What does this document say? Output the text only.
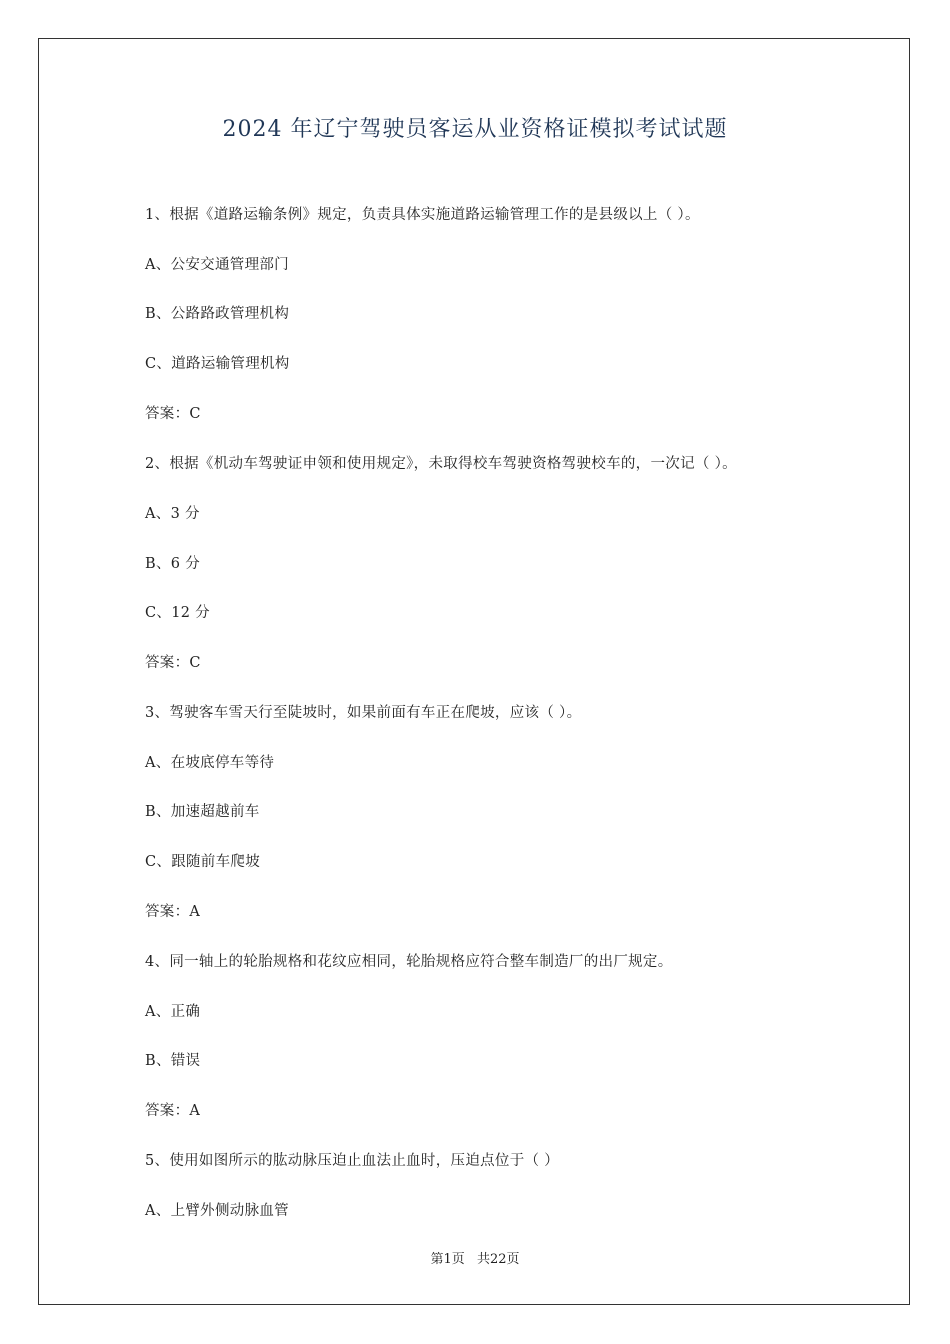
2024 年辽宁驾驶员客运从业资格证模拟考试试题
1、根据《道路运输条例》规定，负责具体实施道路运输管理工作的是县级以上（ ）。
A、公安交通管理部门
B、公路路政管理机构
C、道路运输管理机构
答案：C
2、根据《机动车驾驶证申领和使用规定》，未取得校车驾驶资格驾驶校车的，一次记（ ）。
A、3 分
B、6 分
C、12 分
答案：C
3、驾驶客车雪天行至陡坡时，如果前面有车正在爬坡，应该（ ）。
A、在坡底停车等待
B、加速超越前车
C、跟随前车爬坡
答案：A
4、同一轴上的轮胎规格和花纹应相同，轮胎规格应符合整车制造厂的出厂规定。
A、正确
B、错误
答案：A
5、使用如图所示的肱动脉压迫止血法止血时，压迫点位于（ ）
A、上臂外侧动脉血管
第1页 共22页
